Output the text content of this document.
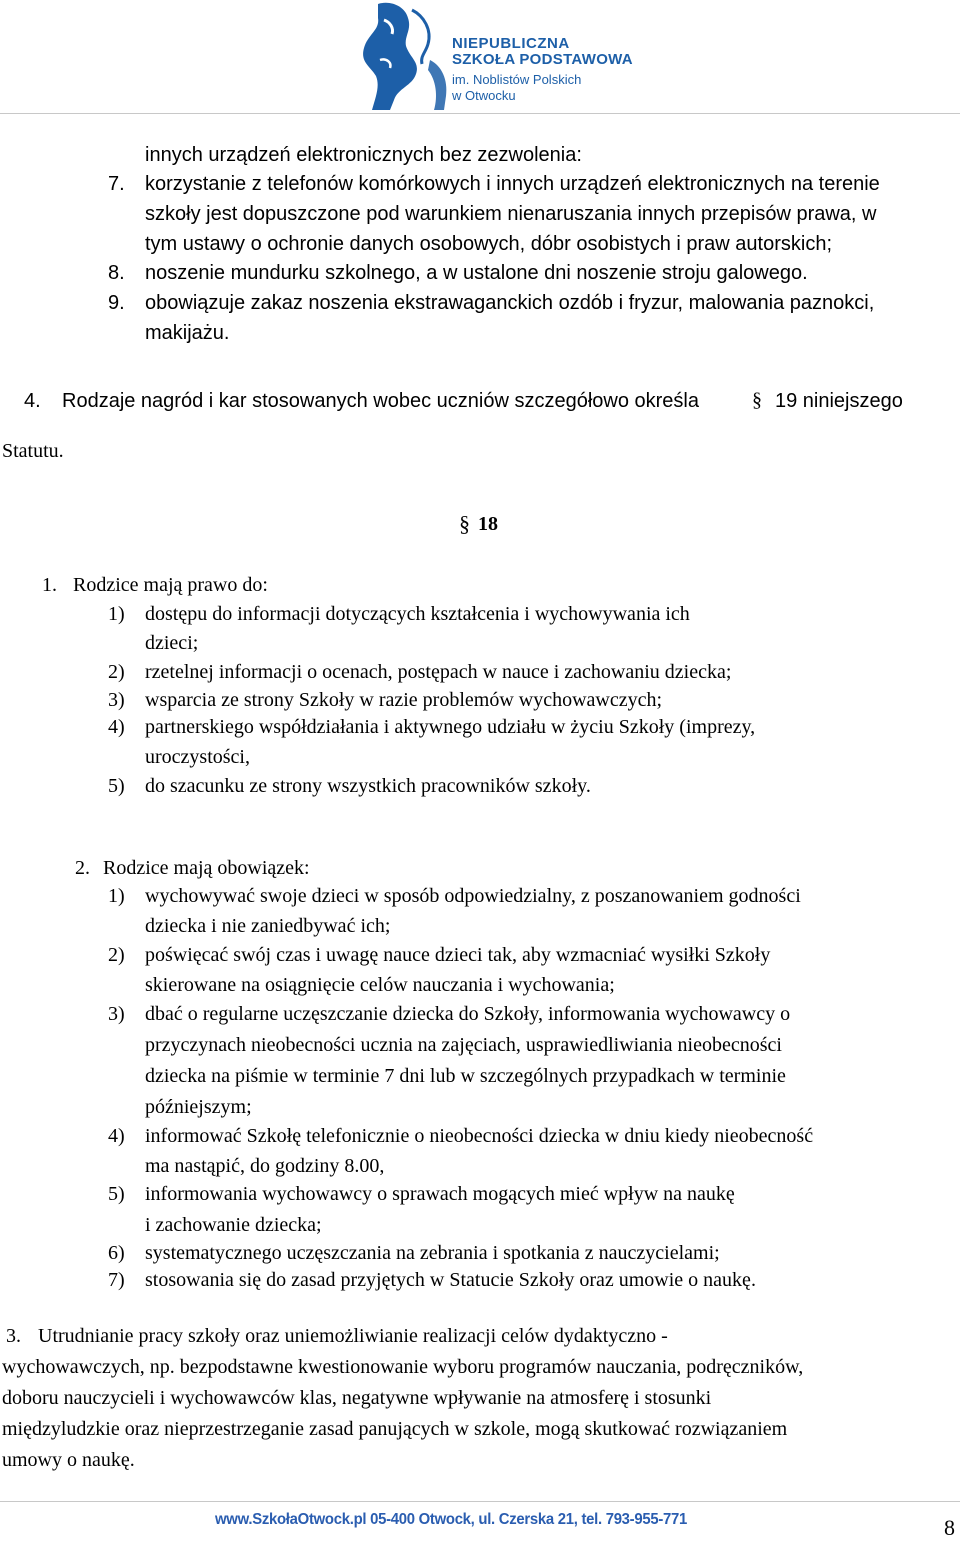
NIEPUBLICZNA
SZKOŁA PODSTAWOWA
im. Noblistów Polskich
w Otwocku
innych urządzeń elektronicznych bez zezwolenia:
7. korzystanie z telefonów komórkowych i innych urządzeń elektronicznych na terenie
szkoły jest dopuszczone pod warunkiem nienaruszania innych przepisów prawa, w
tym ustawy o ochronie danych osobowych, dóbr osobistych i praw autorskich;
8. noszenie mundurku szkolnego, a w ustalone dni noszenie stroju galowego.
9. obowiązuje zakaz noszenia ekstrawaganckich ozdób i fryzur, malowania paznokci,
makijażu.
4. Rodzaje nagród i kar stosowanych wobec uczniów szczegółowo określa	§ 19 niniejszego
Statutu.
§ 18
1. Rodzice mają prawo do:
1) dostępu do informacji dotyczących kształcenia i wychowywania ich
dzieci;
2) rzetelnej informacji o ocenach, postępach w nauce i zachowaniu dziecka;
3) wsparcia ze strony Szkoły w razie problemów wychowawczych;
4) partnerskiego współdziałania i aktywnego udziału w życiu Szkoły (imprezy,
uroczystości,
5) do szacunku ze strony wszystkich pracowników szkoły.
2. Rodzice mają obowiązek:
1) wychowywać swoje dzieci w sposób odpowiedzialny, z poszanowaniem godności
dziecka i nie zaniedbywać ich;
2) poświęcać swój czas i uwagę nauce dzieci tak, aby wzmacniać wysiłki Szkoły
skierowane na osiągnięcie celów nauczania i wychowania;
3) dbać o regularne uczęszczanie dziecka do Szkoły, informowania wychowawcy o
przyczynach nieobecności ucznia na zajęciach, usprawiedliwiania nieobecności
dziecka na piśmie w terminie 7 dni lub w szczególnych przypadkach w terminie
późniejszym;
4) informować Szkołę telefonicznie o nieobecności dziecka w dniu kiedy nieobecność
ma nastąpić, do godziny 8.00,
5) informowania wychowawcy o sprawach mogących mieć wpływ na naukę
i zachowanie dziecka;
6) systematycznego uczęszczania na zebrania i spotkania z nauczycielami;
7) stosowania się do zasad przyjętych w Statucie Szkoły oraz umowie o naukę.
3. Utrudnianie pracy szkoły oraz uniemożliwianie realizacji celów dydaktyczno -
wychowawczych, np. bezpodstawne kwestionowanie wyboru programów nauczania, podręczników,
doboru nauczycieli i wychowawców klas, negatywne wpływanie na atmosferę i stosunki
międzyludzkie oraz nieprzestrzeganie zasad panujących w szkole, mogą skutkować rozwiązaniem
umowy o naukę.
www.SzkołaOtwock.pl 05-400 Otwock, ul. Czerska 21, tel. 793-955-771	8
